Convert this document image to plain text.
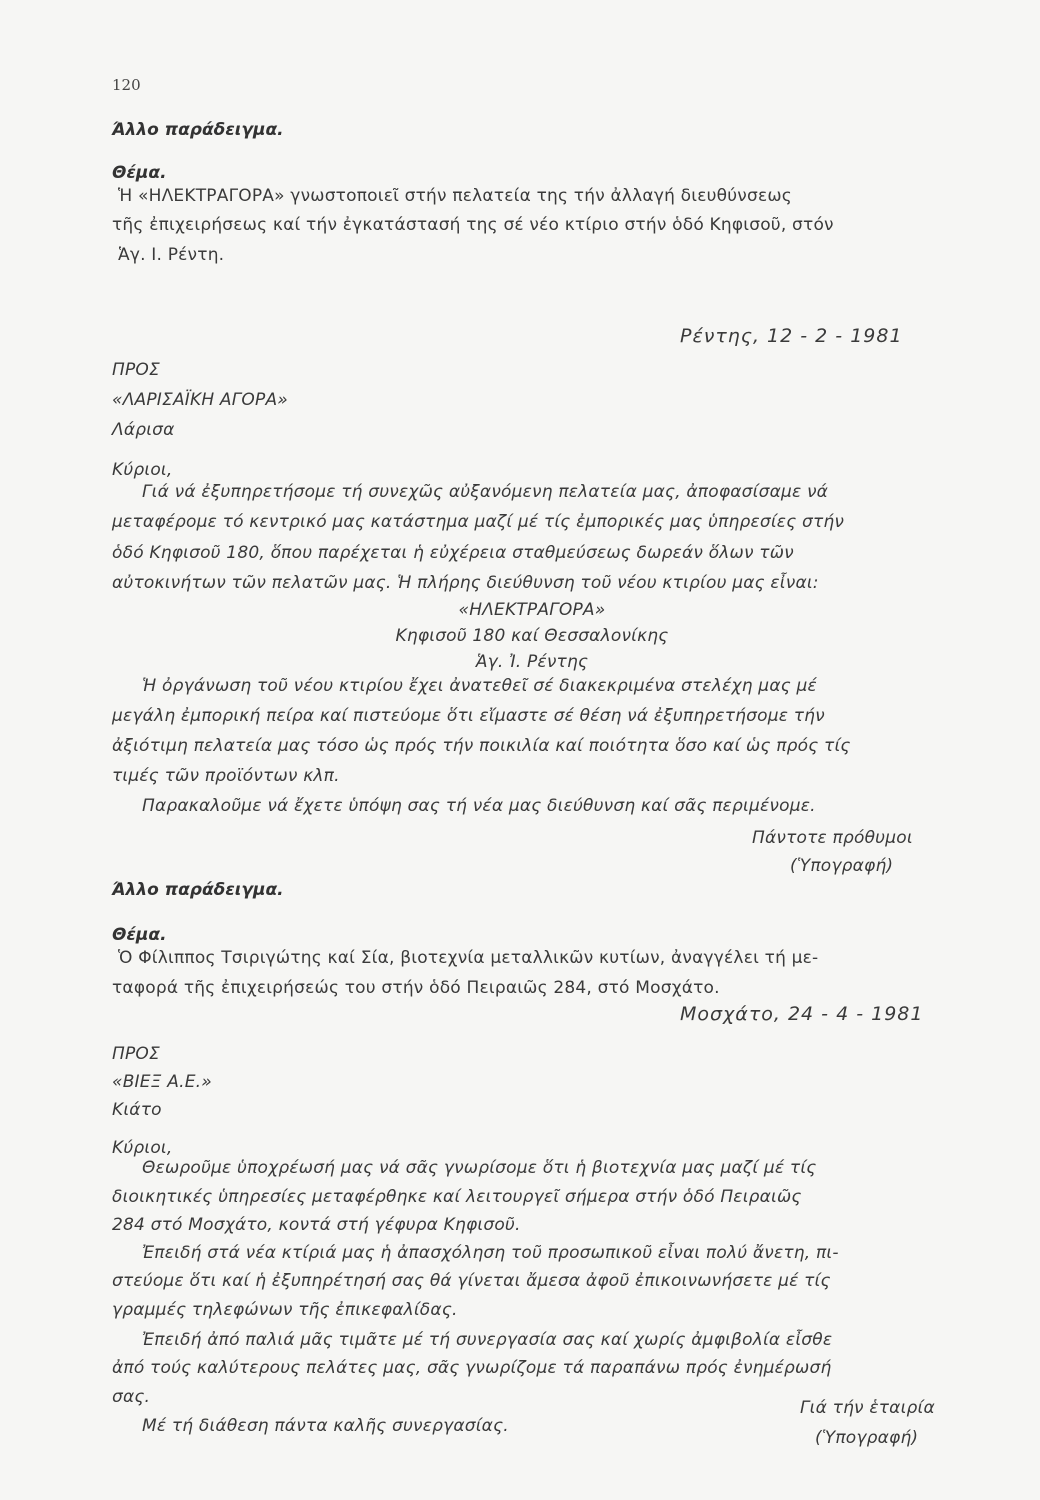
120
Άλλο παράδειγμα.
Θέμα.
Ἡ «ΗΛΕΚΤΡΑΓΟΡΑ» γνωστοποιεῖ στήν πελατεία της τήν ἀλλαγή διευθύνσεως
τῆς ἐπιχειρήσεως καί τήν ἐγκατάστασή της σέ νέο κτίριο στήν ὁδό Κηφισοῦ, στόν
Ἁγ. Ι. Ρέντη.
Ρέντης, 12 - 2 - 1981
ΠΡΟΣ
«ΛΑΡΙΣΑΪΚΗ ΑΓΟΡΑ»
Λάρισα
Κύριοι,
Γιά νά ἐξυπηρετήσομε τή συνεχῶς αὐξανόμενη πελατεία μας, ἀποφασίσαμε νά
μεταφέρομε τό κεντρικό μας κατάστημα μαζί μέ τίς ἐμπορικές μας ὑπηρεσίες στήν
ὁδό Κηφισοῦ 180, ὅπου παρέχεται ἡ εὐχέρεια σταθμεύσεως δωρεάν ὅλων τῶν
αὐτοκινήτων τῶν πελατῶν μας. Ἡ πλήρης διεύθυνση τοῦ νέου κτιρίου μας εἶναι:
«ΗΛΕΚΤΡΑΓΟΡΑ»
Κηφισοῦ 180 καί Θεσσαλονίκης
Ἁγ. Ἰ. Ρέντης
Ἡ ὀργάνωση τοῦ νέου κτιρίου ἔχει ἀνατεθεῖ σέ διακεκριμένα στελέχη μας μέ
μεγάλη ἐμπορική πείρα καί πιστεύομε ὅτι εἴμαστε σέ θέση νά ἐξυπηρετήσομε τήν
ἀξιότιμη πελατεία μας τόσο ὡς πρός τήν ποικιλία καί ποιότητα ὅσο καί ὡς πρός τίς
τιμές τῶν προϊόντων κλπ.
Παρακαλοῦμε νά ἔχετε ὑπόψη σας τή νέα μας διεύθυνση καί σᾶς περιμένομε.
Πάντοτε πρόθυμοι
(Ὑπογραφή)
Άλλο παράδειγμα.
Θέμα.
Ὁ Φίλιππος Τσιριγώτης καί Σία, βιοτεχνία μεταλλικῶν κυτίων, ἀναγγέλει τή με-
ταφορά τῆς ἐπιχειρήσεώς του στήν ὁδό Πειραιῶς 284, στό Μοσχάτο.
Μοσχάτο, 24 - 4 - 1981
ΠΡΟΣ
«ΒΙΕΞ Α.Ε.»
Κιάτο
Κύριοι,
Θεωροῦμε ὑποχρέωσή μας νά σᾶς γνωρίσομε ὅτι ἡ βιοτεχνία μας μαζί μέ τίς
διοικητικές ὑπηρεσίες μεταφέρθηκε καί λειτουργεῖ σήμερα στήν ὁδό Πειραιῶς
284 στό Μοσχάτο, κοντά στή γέφυρα Κηφισοῦ.
Ἐπειδή στά νέα κτίριά μας ἡ ἀπασχόληση τοῦ προσωπικοῦ εἶναι πολύ ἄνετη, πι-
στεύομε ὅτι καί ἡ ἐξυπηρέτησή σας θά γίνεται ἄμεσα ἀφοῦ ἐπικοινωνήσετε μέ τίς
γραμμές τηλεφώνων τῆς ἐπικεφαλίδας.
Ἐπειδή ἀπό παλιά μᾶς τιμᾶτε μέ τή συνεργασία σας καί χωρίς ἀμφιβολία εἶσθε
ἀπό τούς καλύτερους πελάτες μας, σᾶς γνωρίζομε τά παραπάνω πρός ἐνημέρωσή
σας.
Μέ τή διάθεση πάντα καλῆς συνεργασίας.
Γιά τήν ἑταιρία
(Ὑπογραφή)
